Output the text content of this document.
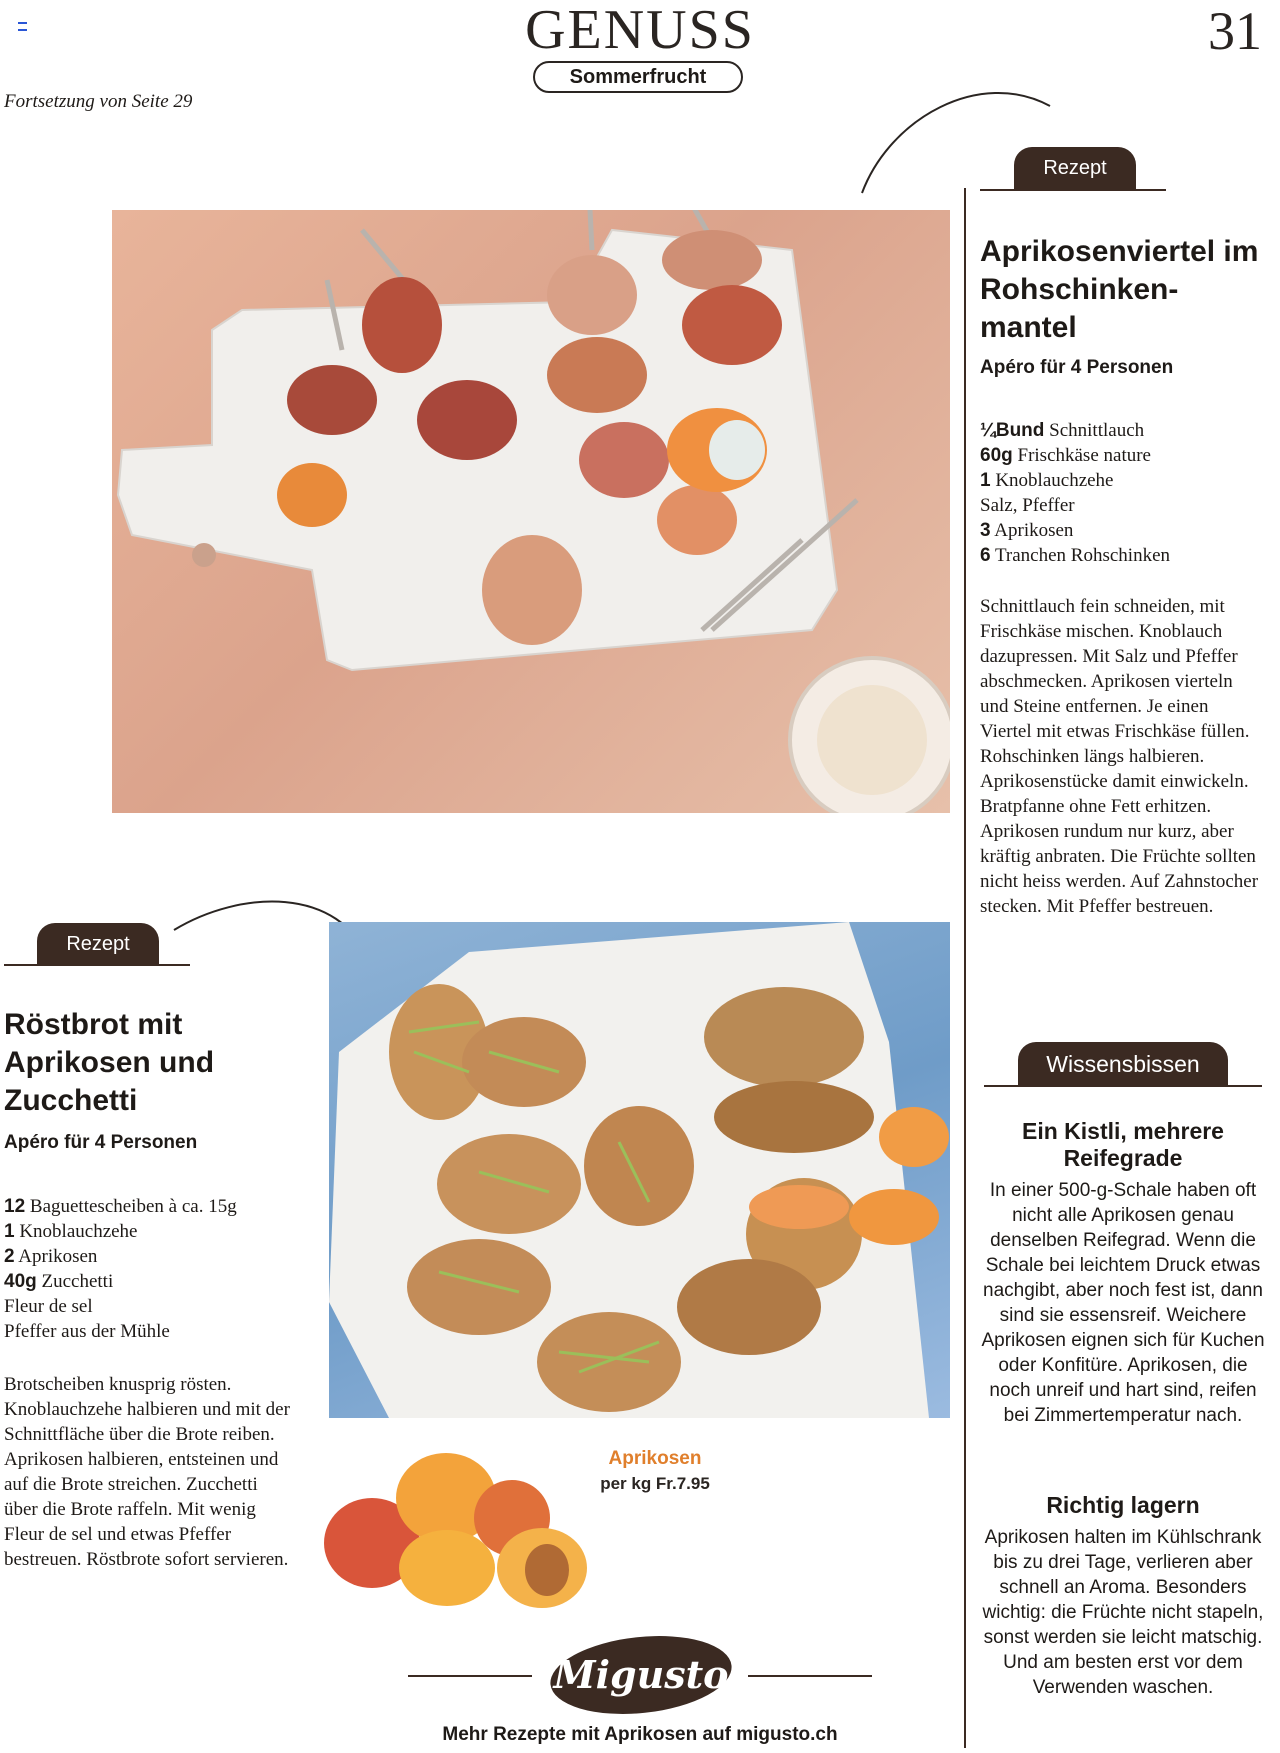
GENUSS	31
Sommerfrucht
Fortsetzung von Seite 29
Aprikosen
per kg Fr.7.95
Rezept
Aprikosenviertel im Rohschinken-mantel
Apéro für 4 Personen
¼Bund Schnittlauch
60g Frischkäse nature
1 Knoblauchzehe
Salz, Pfeffer
3 Aprikosen
6 Tranchen Rohschinken
Schnittlauch fein schneiden, mit Frischkäse mischen. Knoblauch dazupressen. Mit Salz und Pfeffer abschmecken. Aprikosen vierteln und Steine entfernen. Je einen Viertel mit etwas Frischkäse füllen. Rohschinken längs halbieren. Aprikosenstücke damit einwickeln. Bratpfanne ohne Fett erhitzen. Aprikosen rundum nur kurz, aber kräftig anbraten. Die Früchte sollten nicht heiss werden. Auf Zahnstocher stecken. Mit Pfeffer bestreuen.
Rezept
Röstbrot mit Aprikosen und Zucchetti
Apéro für 4 Personen
12 Baguettescheiben à ca. 15g
1 Knoblauchzehe
2 Aprikosen
40g Zucchetti
Fleur de sel
Pfeffer aus der Mühle
Brotscheiben knusprig rösten. Knoblauchzehe halbieren und mit der Schnittfläche über die Brote reiben. Aprikosen halbieren, entsteinen und auf die Brote streichen. Zucchetti über die Brote raffeln. Mit wenig Fleur de sel und etwas Pfeffer bestreuen. Röstbrote sofort servieren.
Wissensbissen
Ein Kistli, mehrere Reifegrade
In einer 500-g-Schale haben oft nicht alle Aprikosen genau denselben Reifegrad. Wenn die Schale bei leichtem Druck etwas nachgibt, aber noch fest ist, dann sind sie essensreif. Weichere Aprikosen eignen sich für Kuchen oder Konfitüre. Aprikosen, die noch unreif und hart sind, reifen bei Zimmertemperatur nach.
Richtig lagern
Aprikosen halten im Kühlschrank bis zu drei Tage, verlieren aber schnell an Aroma. Besonders wichtig: die Früchte nicht stapeln, sonst werden sie leicht matschig. Und am besten erst vor dem Verwenden waschen.
Migusto
Mehr Rezepte mit Aprikosen auf migusto.ch
